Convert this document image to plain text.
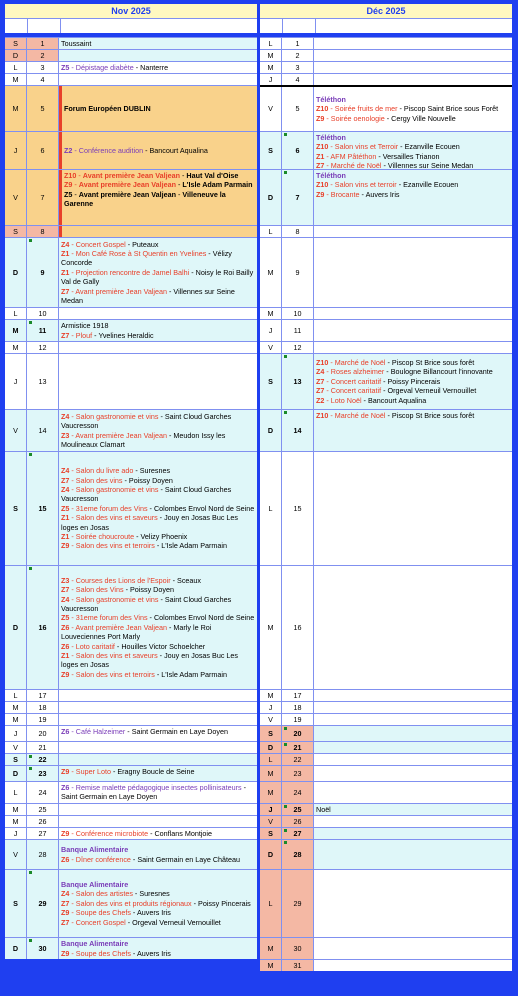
Nov 2025
S	1	Toussaint
D	2
L	3	Z5 - Dépistage diabète - Nanterre
M	4
M	5	Forum Européen DUBLIN
J	6	Z2 - Conférence audition - Bancourt Aqualina
V	7
Z10 - Avant première Jean Valjean - Haut Val d'Oise
Z9 - Avant première Jean Valjean - L'Isle Adam Parmain
Z5 - Avant première Jean Valjean - Villeneuve la Garenne
S	8
D	9
Z4 - Concert Gospel - Puteaux
Z1 - Mon Café Rose à St Quentin en Yvelines - Vélizy Concorde
Z1 - Projection rencontre de Jamel Balhi - Noisy le Roi Bailly Val de Gally
Z7 - Avant première Jean Valjean - Villennes sur Seine Medan
L	10
M	11
Armistice 1918
Z7 - Plouf - Yvelines Heraldic
M	12
J	13
V	14
Z4 - Salon gastronomie et vins - Saint Cloud Garches Vaucresson
Z3 - Avant première Jean Valjean - Meudon Issy les Moulineaux Clamart
S	15
Z4 - Salon du livre ado - Suresnes
Z7 - Salon des vins - Poissy Doyen
Z4 - Salon gastronomie et vins - Saint Cloud Garches Vaucresson
Z5 - 31eme forum des Vins - Colombes Envol Nord de Seine
Z1 - Salon des vins et saveurs - Jouy en Josas Buc Les loges en Josas
Z1 - Soirée choucroute - Velizy Phoenix
Z9 - Salon des vins et terroirs - L'Isle Adam Parmain
D	16
Z3 - Courses des Lions de l'Espoir - Sceaux
Z7 - Salon des Vins - Poissy Doyen
Z4 - Salon gastronomie et vins - Saint Cloud Garches Vaucresson
Z5 - 31eme forum des Vins - Colombes Envol Nord de Seine
Z6 - Avant première Jean Valjean - Marly le Roi Louveciennes Port Marly
Z6 - Loto caritatif - Houilles Victor Schoelcher
Z1 - Salon des vins et saveurs - Jouy en Josas Buc Les loges en Josas
Z9 - Salon des vins et terroirs - L'Isle Adam Parmain
L	17
M	18
M	19
J	20	Z6 - Café Halzeimer - Saint Germain en Laye Doyen
V	21
S	22
D	23	Z9 - Super Loto - Eragny Boucle de Seine
L	24
Z6 - Remise malette pédagogique insectes pollinisateurs - Saint Germain en Laye Doyen
M	25
M	26
J	27	Z9 - Conférence microbiote - Conflans Montjoie
V	28
Banque Alimentaire
Z6 - Dîner conférence - Saint Germain en Laye Château
S	29
Banque Alimentaire
Z4 - Salon des artistes - Suresnes
Z7 - Salon des vins et produits régionaux - Poissy Pincerais
Z9 - Soupe des Chefs - Auvers Iris
Z7 - Concert Gospel - Orgeval Verneuil Vernouillet
D	30
Banque Alimentaire
Z9 - Soupe des Chefs - Auvers Iris
Déc 2025
L	1
M	2
M	3
J	4
V	5
Téléthon
Z10 - Soirée fruits de mer - Piscop Saint Brice sous Forêt
Z9 - Soirée oenologie - Cergy Ville Nouvelle
S	6
Téléthon
Z10 - Salon vins et Terroir - Ezanville Ecouen
Z1 - AFM Pâtéthon - Versailles Trianon
Z7 - Marché de Noël - Villennes sur Seine Medan
D	7
Téléthon
Z10 - Salon vins et terroir - Ezanville Ecouen
Z9 - Brocante - Auvers Iris
L	8
M	9
M	10
J	11
V	12
S	13
Z10 - Marché de Noël - Piscop St Brice sous forêt
Z4 - Roses alzheimer - Boulogne Billancourt l'innovante
Z7 - Concert caritatif - Poissy Pincerais
Z7 - Concert caritatif - Orgeval Verneuil Vernouillet
Z2 - Loto Noël - Bancourt Aqualina
D	14
Z10 - Marché de Noël - Piscop St Brice sous forêt
L	15
M	16
M	17
J	18
V	19
S	20
D	21
L	22
M	23
M	24
J	25	Noël
V	26
S	27
D	28
L	29
M	30
M	31
